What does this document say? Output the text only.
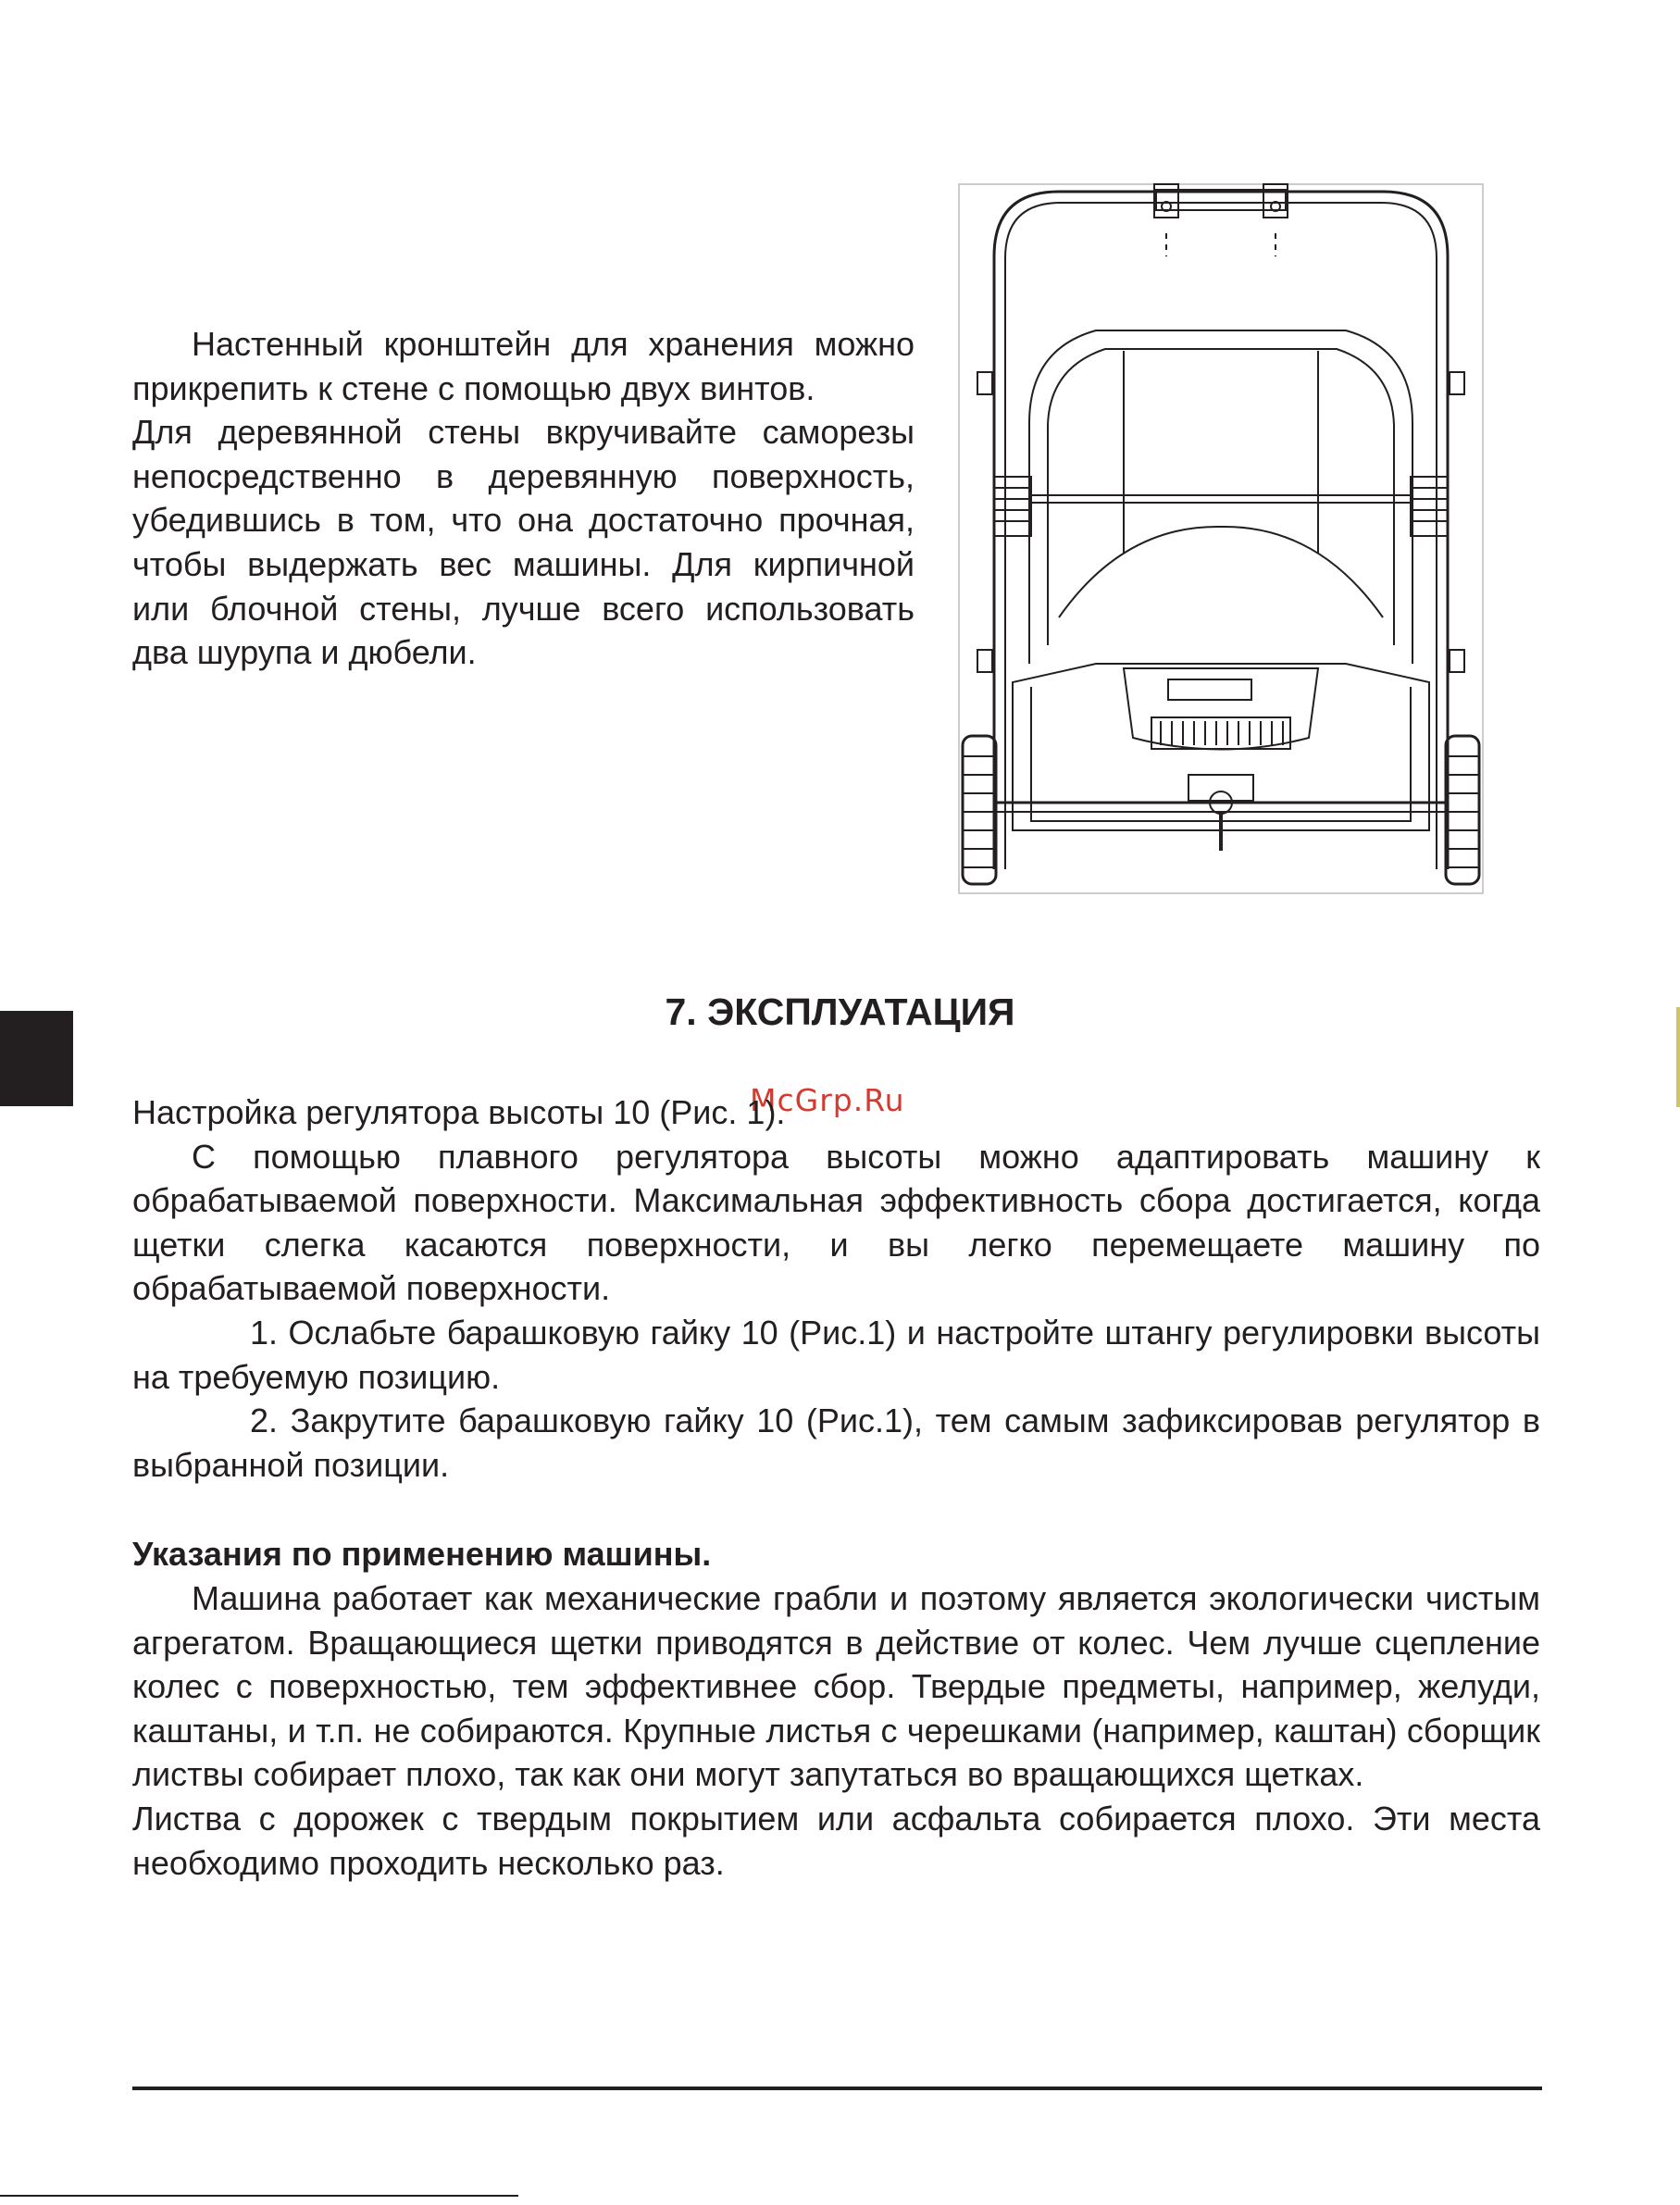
Настенный кронштейн для хранения можно прикрепить к стене с помощью двух винтов.

Для деревянной стены вкручивайте саморезы непосредственно в деревянную поверхность, убедившись в том, что она достаточно прочная, чтобы выдержать вес машины. Для кирпичной или блочной стены, лучше всего использовать два шурупа и дюбели.

7. ЭКСПЛУАТАЦИЯ
McGrp.Ru

Настройка регулятора высоты 10 (Рис. 1).

С помощью плавного регулятора высоты можно адаптировать машину к обрабатываемой поверхности. Максимальная эффективность сбора достигается, когда щетки слегка касаются поверхности, и вы легко перемещаете машину по обрабатываемой поверхности.

1. Ослабьте барашковую гайку 10 (Рис.1) и настройте штангу регулировки высоты на требуемую позицию.

2. Закрутите барашковую гайку 10 (Рис.1), тем самым зафиксировав регулятор в выбранной позиции.

Указания по применению машины.

Машина работает как механические грабли и поэтому является экологически чистым агрегатом. Вращающиеся щетки приводятся в действие от колес. Чем лучше сцепление колес с поверхностью, тем эффективнее сбор. Твердые предметы, например, желуди, каштаны, и т.п. не собираются. Крупные листья с черешками (например, каштан) сборщик листвы собирает плохо, так как они могут запутаться во вращающихся щетках.

Листва с дорожек с твердым покрытием или асфальта собирается плохо. Эти места необходимо проходить несколько раз.
